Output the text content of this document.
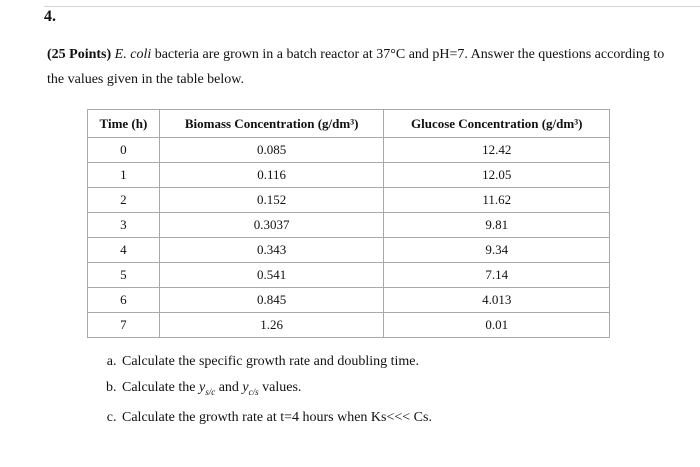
4.
(25 Points) E. coli bacteria are grown in a batch reactor at 37°C and pH=7. Answer the questions according to the values given in the table below.
Time (h)	Biomass Concentration (g/dm³)	Glucose Concentration (g/dm³)
0	0.085	12.42
1	0.116	12.05
2	0.152	11.62
3	0.3037	9.81
4	0.343	9.34
5	0.541	7.14
6	0.845	4.013
7	1.26	0.01
a. Calculate the specific growth rate and doubling time.
b. Calculate the $y_{s/c}$ and $y_{c/s}$ values.
c. Calculate the growth rate at t=4 hours when Ks<<< Cs.
